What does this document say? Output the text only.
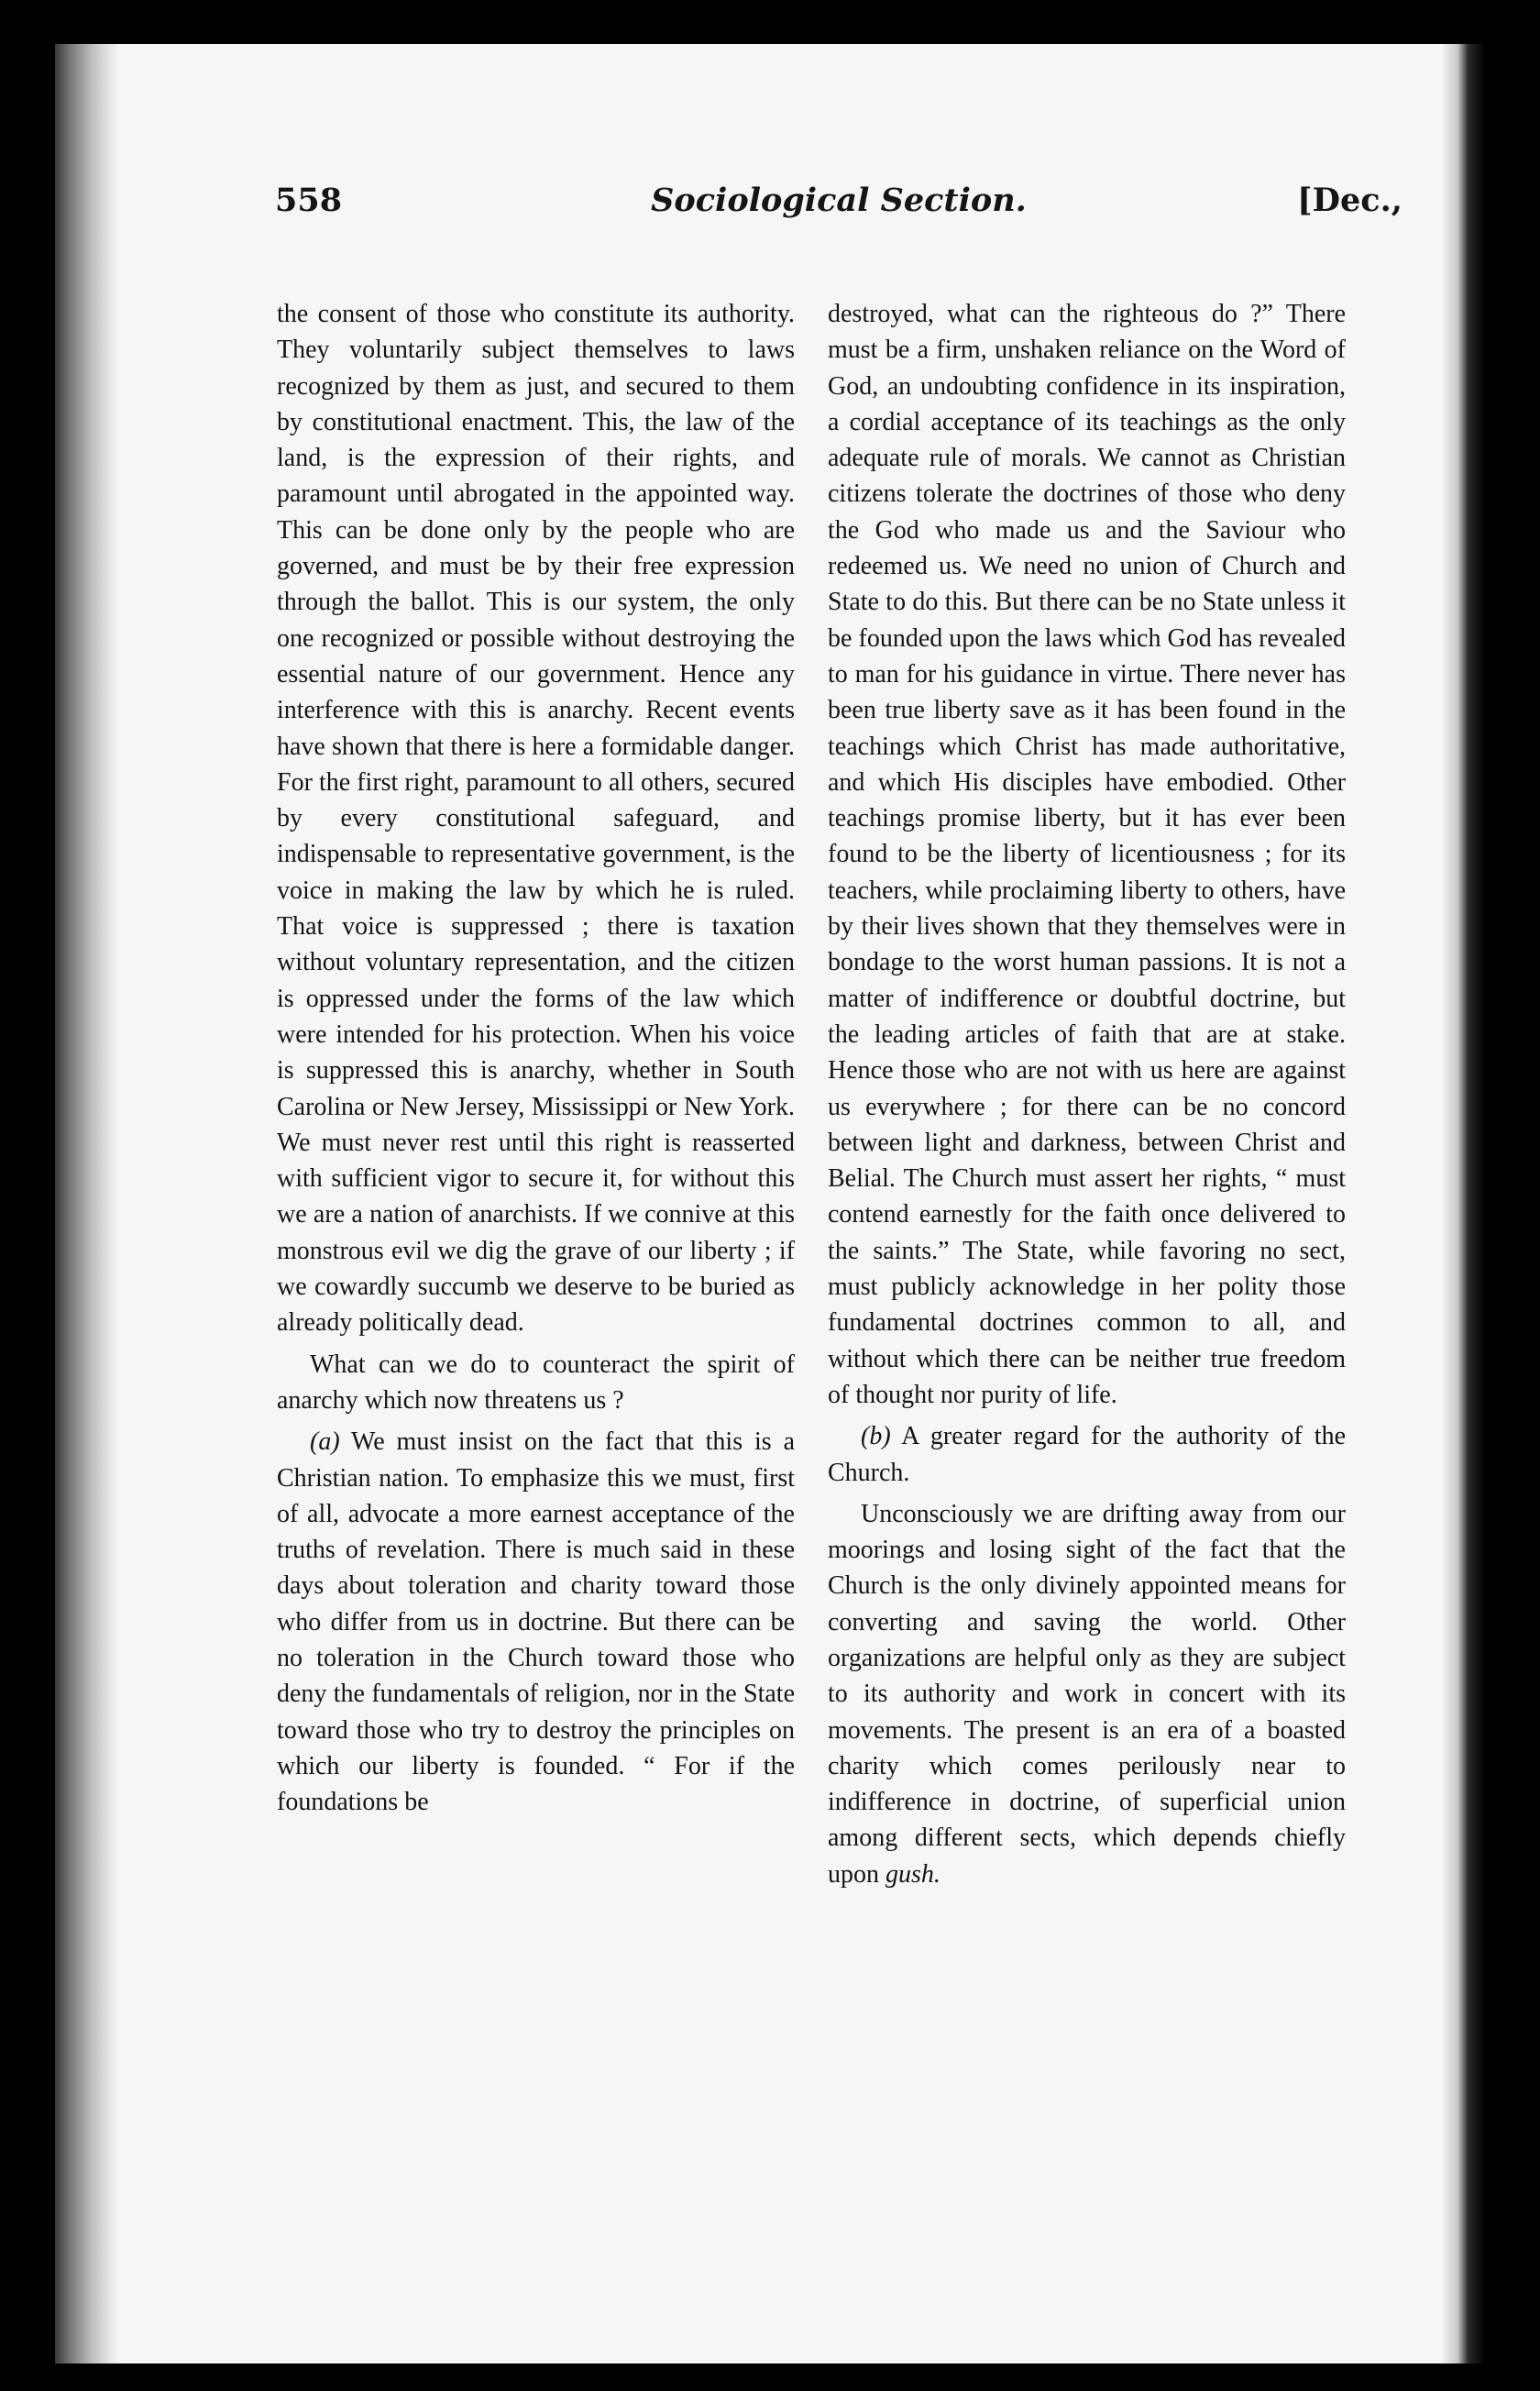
558	Sociological Section.	[Dec.,

the consent of those who constitute its authority. They voluntarily subject themselves to laws recognized by them as just, and secured to them by constitutional enactment. This, the law of the land, is the expression of their rights, and paramount until abrogated in the appointed way. This can be done only by the people who are governed, and must be by their free expression through the ballot. This is our system, the only one recognized or possible without destroying the essential nature of our government. Hence any interference with this is anarchy. Recent events have shown that there is here a formidable danger. For the first right, paramount to all others, secured by every constitutional safeguard, and indispensable to representative government, is the voice in making the law by which he is ruled. That voice is suppressed ; there is taxation without voluntary representation, and the citizen is oppressed under the forms of the law which were intended for his protection. When his voice is suppressed this is anarchy, whether in South Carolina or New Jersey, Mississippi or New York. We must never rest until this right is reasserted with sufficient vigor to secure it, for without this we are a nation of anarchists. If we connive at this monstrous evil we dig the grave of our liberty ; if we cowardly succumb we deserve to be buried as already politically dead.

What can we do to counteract the spirit of anarchy which now threatens us ?

(a) We must insist on the fact that this is a Christian nation. To emphasize this we must, first of all, advocate a more earnest acceptance of the truths of revelation. There is much said in these days about toleration and charity toward those who differ from us in doctrine. But there can be no toleration in the Church toward those who deny the fundamentals of religion, nor in the State toward those who try to destroy the principles on which our liberty is founded. “ For if the foundations be

destroyed, what can the righteous do ?” There must be a firm, unshaken reliance on the Word of God, an undoubting confidence in its inspiration, a cordial acceptance of its teachings as the only adequate rule of morals. We cannot as Christian citizens tolerate the doctrines of those who deny the God who made us and the Saviour who redeemed us. We need no union of Church and State to do this. But there can be no State unless it be founded upon the laws which God has revealed to man for his guidance in virtue. There never has been true liberty save as it has been found in the teachings which Christ has made authoritative, and which His disciples have embodied. Other teachings promise liberty, but it has ever been found to be the liberty of licentiousness ; for its teachers, while proclaiming liberty to others, have by their lives shown that they themselves were in bondage to the worst human passions. It is not a matter of indifference or doubtful doctrine, but the leading articles of faith that are at stake. Hence those who are not with us here are against us everywhere ; for there can be no concord between light and darkness, between Christ and Belial. The Church must assert her rights, “ must contend earnestly for the faith once delivered to the saints.” The State, while favoring no sect, must publicly acknowledge in her polity those fundamental doctrines common to all, and without which there can be neither true freedom of thought nor purity of life.

(b) A greater regard for the authority of the Church.

Unconsciously we are drifting away from our moorings and losing sight of the fact that the Church is the only divinely appointed means for converting and saving the world. Other organizations are helpful only as they are subject to its authority and work in concert with its movements. The present is an era of a boasted charity which comes perilously near to indifference in doctrine, of superficial union among different sects, which depends chiefly upon gush.
